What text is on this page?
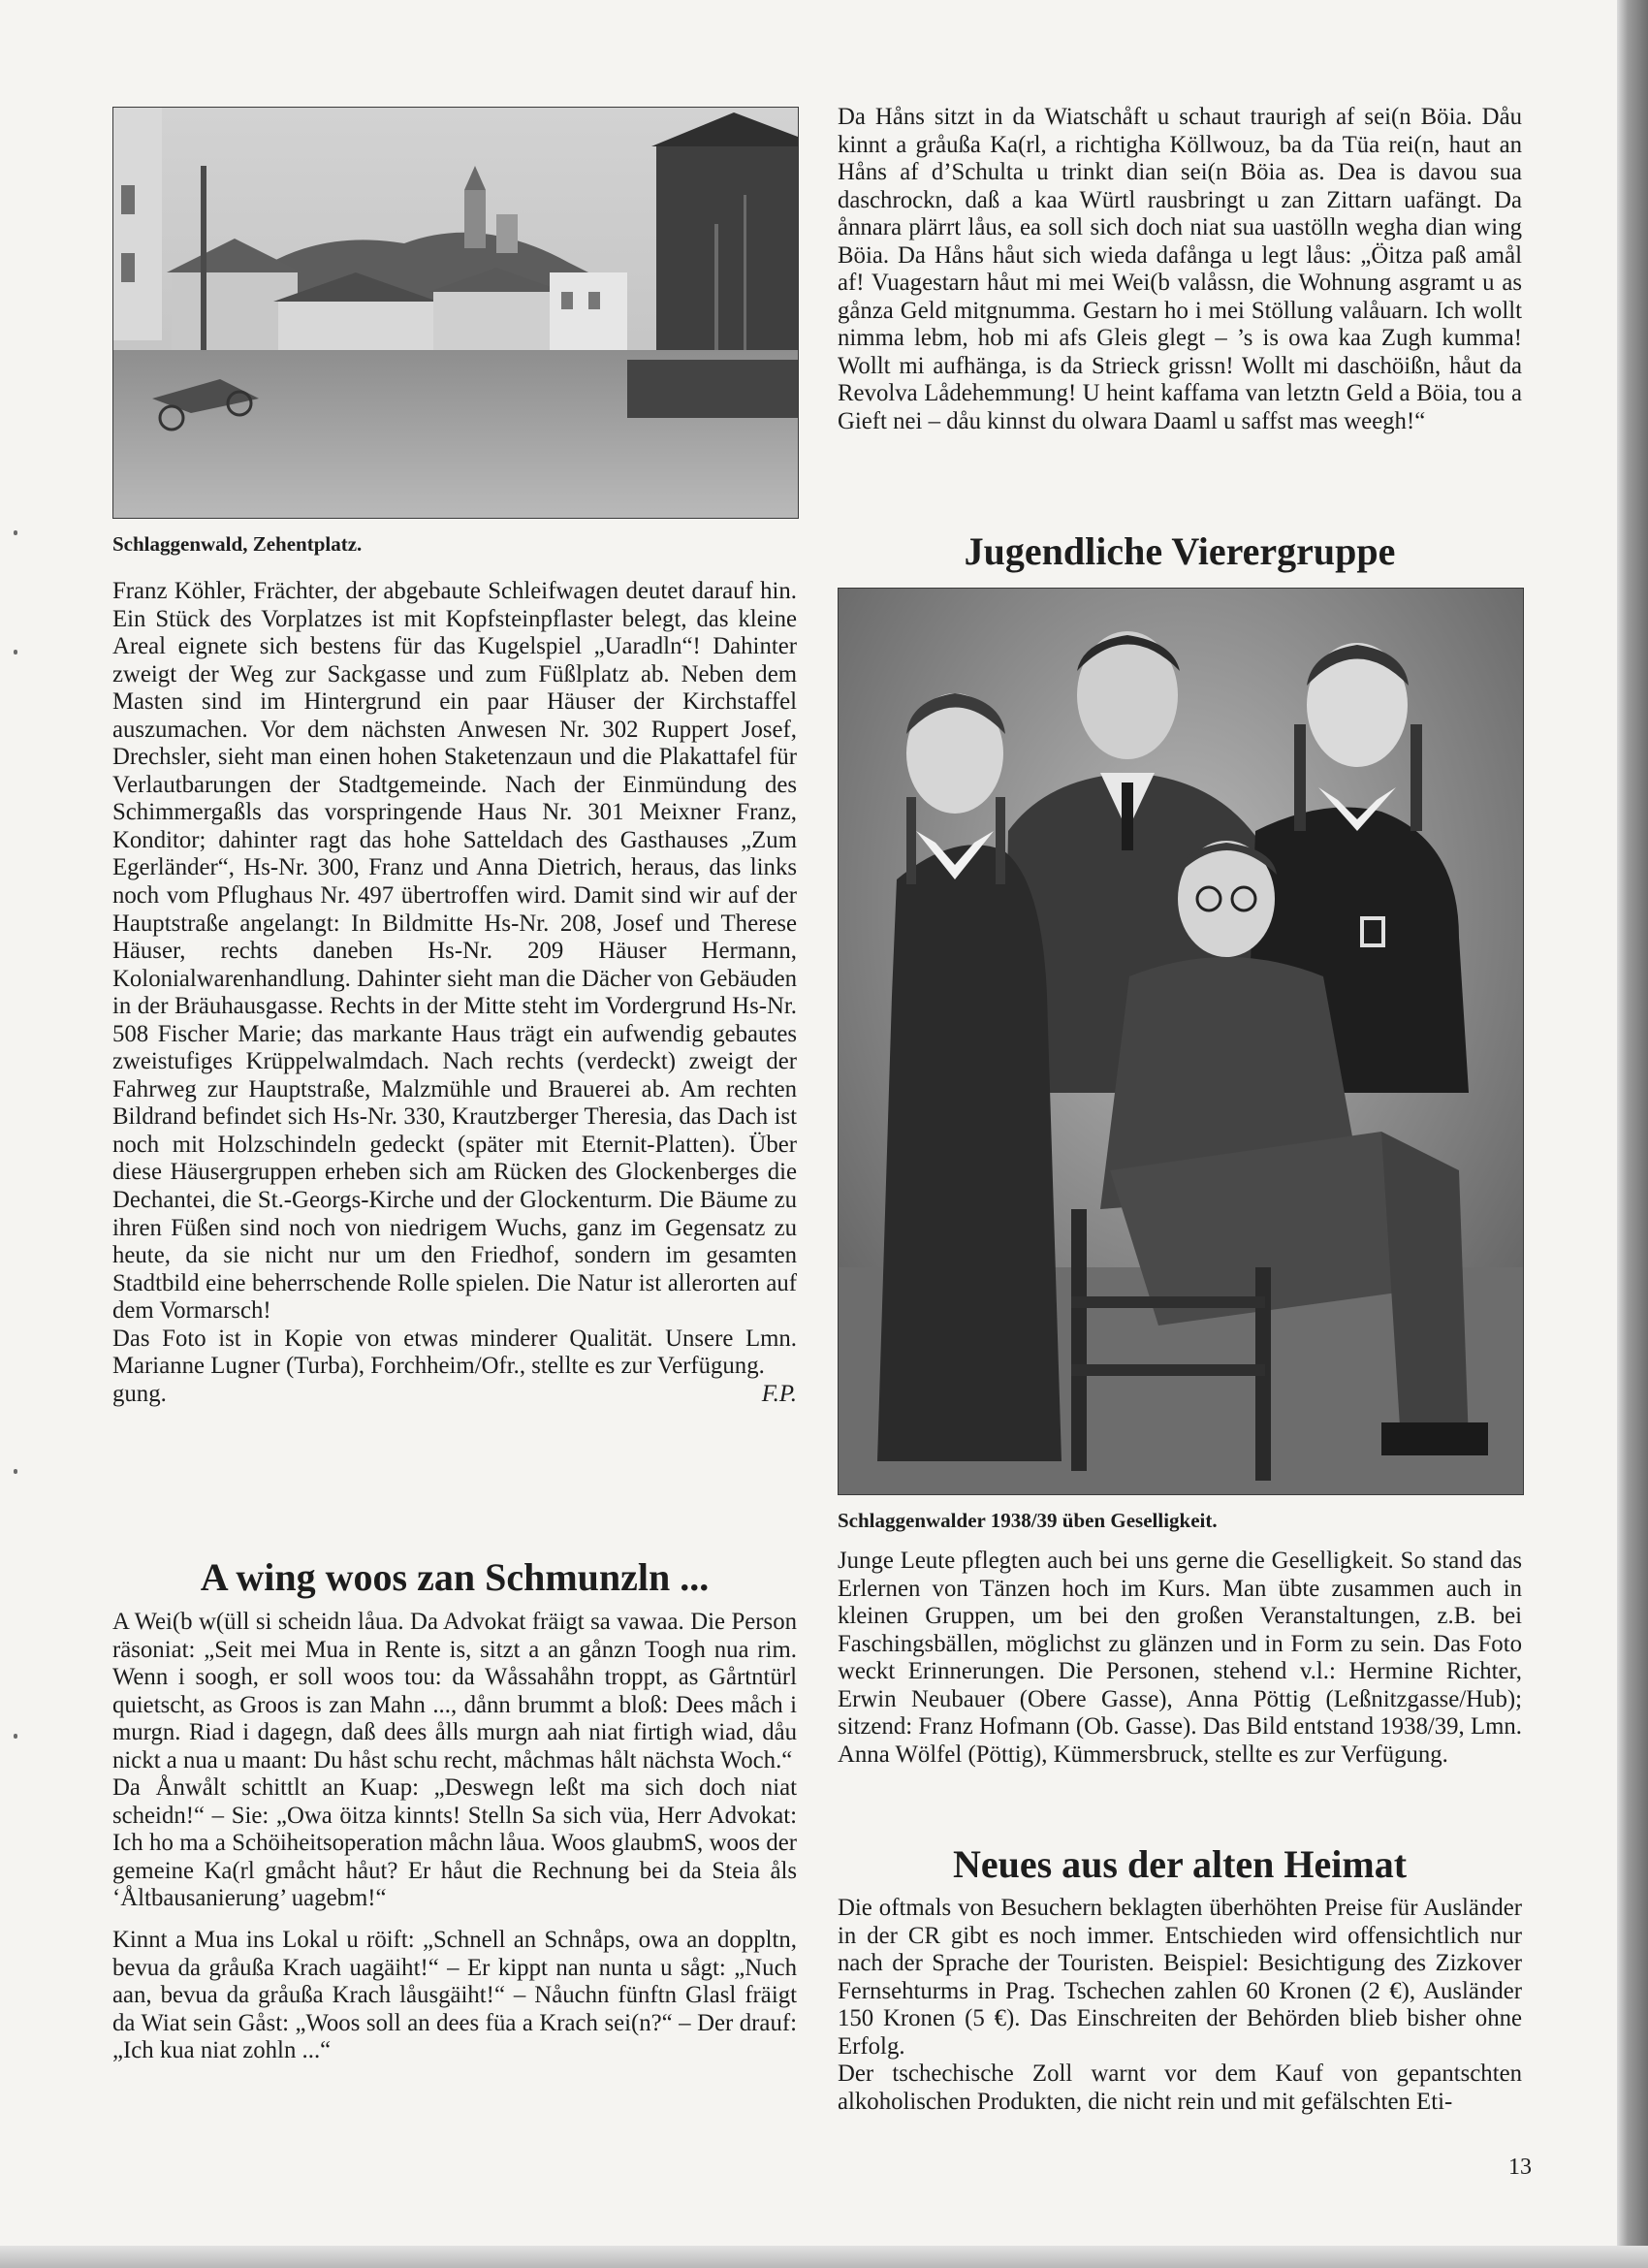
Schlaggenwald, Zehentplatz.

Franz Köhler, Frächter, der abgebaute Schleifwagen deutet darauf hin. Ein Stück des Vorplatzes ist mit Kopfsteinpflaster belegt, das kleine Areal eignete sich bestens für das Kugelspiel „Uaradln“! Dahinter zweigt der Weg zur Sackgasse und zum Füßlplatz ab. Neben dem Masten sind im Hintergrund ein paar Häuser der Kirchstaffel auszumachen. Vor dem nächsten Anwesen Nr. 302 Ruppert Josef, Drechsler, sieht man einen hohen Staketenzaun und die Plakattafel für Verlautbarungen der Stadtgemeinde. Nach der Einmündung des Schimmergaßls das vorspringende Haus Nr. 301 Meixner Franz, Konditor; dahinter ragt das hohe Satteldach des Gasthauses „Zum Egerländer“, Hs-Nr. 300, Franz und Anna Dietrich, heraus, das links noch vom Pflughaus Nr. 497 übertroffen wird. Damit sind wir auf der Hauptstraße angelangt: In Bildmitte Hs-Nr. 208, Josef und Therese Häuser, rechts daneben Hs-Nr. 209 Häuser Hermann, Kolonialwarenhandlung. Dahinter sieht man die Dächer von Gebäuden in der Bräuhausgasse. Rechts in der Mitte steht im Vordergrund Hs-Nr. 508 Fischer Marie; das markante Haus trägt ein aufwendig gebautes zweistufiges Krüppelwalmdach. Nach rechts (verdeckt) zweigt der Fahrweg zur Hauptstraße, Malzmühle und Brauerei ab. Am rechten Bildrand befindet sich Hs-Nr. 330, Krautzberger Theresia, das Dach ist noch mit Holzschindeln gedeckt (später mit Eternit-Platten). Über diese Häusergruppen erheben sich am Rücken des Glockenberges die Dechantei, die St.-Georgs-Kirche und der Glockenturm. Die Bäume zu ihren Füßen sind noch von niedrigem Wuchs, ganz im Gegensatz zu heute, da sie nicht nur um den Friedhof, sondern im gesamten Stadtbild eine beherrschende Rolle spielen. Die Natur ist allerorten auf dem Vormarsch!

Das Foto ist in Kopie von etwas minderer Qualität. Unsere Lmn. Marianne Lugner (Turba), Forchheim/Ofr., stellte es zur Verfügung.

gung.	F.P.
A wing woos zan Schmunzln ...

A Wei(b w(üll si scheidn låua. Da Advokat fräigt sa vawaa. Die Person räsoniat: „Seit mei Mua in Rente is, sitzt a an gånzn Toogh nua rim. Wenn i soogh, er soll woos tou: da Wåssahåhn troppt, as Gårtntürl quietscht, as Groos is zan Mahn ..., dånn brummt a bloß: Dees måch i murgn. Riad i dagegn, daß dees ålls murgn aah niat firtigh wiad, dåu nickt a nua u maant: Du håst schu recht, måchmas hålt nächsta Woch.“

Da Ånwålt schittlt an Kuap: „Deswegn leßt ma sich doch niat scheidn!“ – Sie: „Owa öitza kinnts! Stelln Sa sich vüa, Herr Advokat: Ich ho ma a Schöiheitsoperation måchn låua. Woos glaubmS, woos der gemeine Ka(rl gmåcht håut? Er håut die Rechnung bei da Steia åls ‘Åltbausanierung’ uagebm!“

Kinnt a Mua ins Lokal u röift: „Schnell an Schnåps, owa an doppltn, bevua da gråußa Krach uagäiht!“ – Er kippt nan nunta u sågt: „Nuch aan, bevua da gråußa Krach låusgäiht!“ – Nåuchn fünftn Glasl fräigt da Wiat sein Gåst: „Woos soll an dees füa a Krach sei(n?“ – Der drauf: „Ich kua niat zohln ...“

Da Håns sitzt in da Wiatschåft u schaut traurigh af sei(n Böia. Dåu kinnt a gråußa Ka(rl, a richtigha Köllwouz, ba da Tüa rei(n, haut an Håns af d’Schulta u trinkt dian sei(n Böia as. Dea is davou sua daschrockn, daß a kaa Würtl rausbringt u zan Zittarn uafängt. Da ånnara plärrt låus, ea soll sich doch niat sua uastölln wegha dian wing Böia. Da Håns håut sich wieda dafånga u legt låus: „Öitza paß amål af! Vuagestarn håut mi mei Wei(b valåssn, die Wohnung asgramt u as gånza Geld mitgnumma. Gestarn ho i mei Stöllung valåuarn. Ich wollt nimma lebm, hob mi afs Gleis glegt – ’s is owa kaa Zugh kumma! Wollt mi aufhänga, is da Strieck grissn! Wollt mi daschöißn, håut da Revolva Lådehemmung! U heint kaffama van letztn Geld a Böia, tou a Gieft nei – dåu kinnst du olwara Daaml u saffst mas weegh!“

Jugendliche Vierergruppe

Schlaggenwalder 1938/39 üben Geselligkeit.

Junge Leute pflegten auch bei uns gerne die Geselligkeit. So stand das Erlernen von Tänzen hoch im Kurs. Man übte zusammen auch in kleinen Gruppen, um bei den großen Veranstaltungen, z.B. bei Faschingsbällen, möglichst zu glänzen und in Form zu sein. Das Foto weckt Erinnerungen. Die Personen, stehend v.l.: Hermine Richter, Erwin Neubauer (Obere Gasse), Anna Pöttig (Leßnitzgasse/Hub); sitzend: Franz Hofmann (Ob. Gasse). Das Bild entstand 1938/39, Lmn. Anna Wölfel (Pöttig), Kümmersbruck, stellte es zur Verfügung.

Neues aus der alten Heimat

Die oftmals von Besuchern beklagten überhöhten Preise für Ausländer in der CR gibt es noch immer. Entschieden wird offensichtlich nur nach der Sprache der Touristen. Beispiel: Besichtigung des Zizkover Fernsehturms in Prag. Tschechen zahlen 60 Kronen (2 €), Ausländer 150 Kronen (5 €). Das Einschreiten der Behörden blieb bisher ohne Erfolg.

Der tschechische Zoll warnt vor dem Kauf von gepantschten alkoholischen Produkten, die nicht rein und mit gefälschten Eti-

13
